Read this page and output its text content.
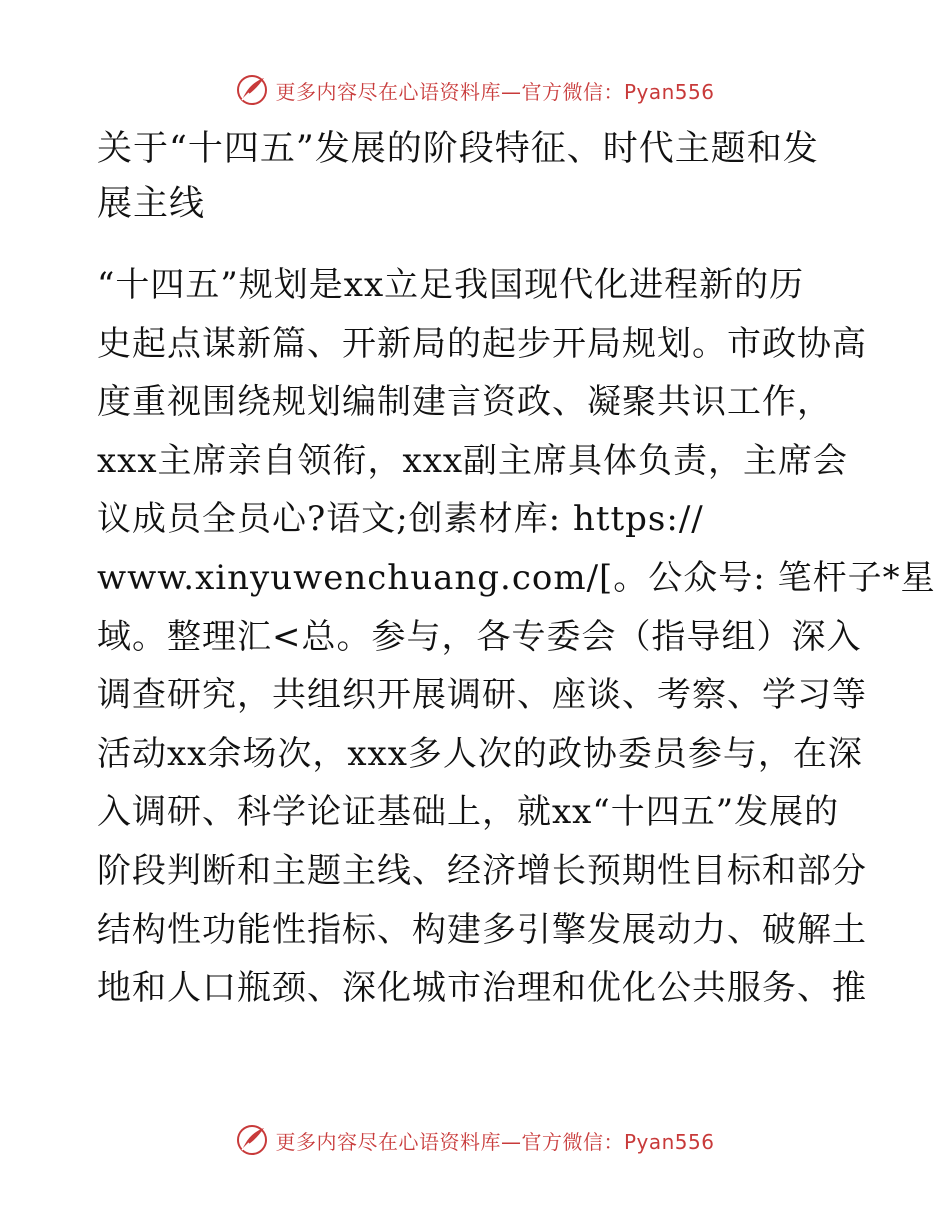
更多内容尽在心语资料库—官方微信：Pyan556
关于“十四五”发展的阶段特征、时代主题和发
展主线
“十四五”规划是xx立足我国现代化进程新的历
史起点谋新篇、开新局的起步开局规划。市政协高
度重视围绕规划编制建言资政、凝聚共识工作，
xxx主席亲自领衔，xxx副主席具体负责，主席会
议成员全员心?语文;创素材库: https://
www.xinyuwenchuang.com/[。公众号: 笔杆子*星
域。整理汇<总。参与，各专委会（指导组）深入
调查研究，共组织开展调研、座谈、考察、学习等
活动xx余场次，xxx多人次的政协委员参与，在深
入调研、科学论证基础上，就xx“十四五”发展的
阶段判断和主题主线、经济增长预期性目标和部分
结构性功能性指标、构建多引擎发展动力、破解土
地和人口瓶颈、深化城市治理和优化公共服务、推
更多内容尽在心语资料库—官方微信：Pyan556
